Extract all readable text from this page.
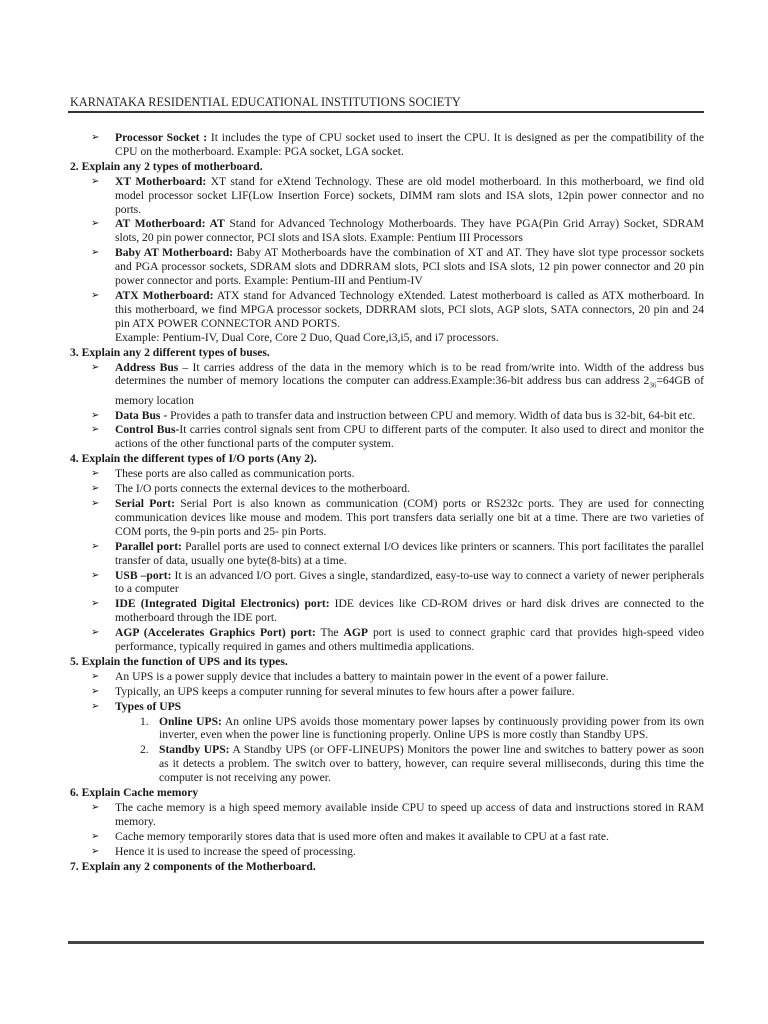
KARNATAKA RESIDENTIAL EDUCATIONAL INSTITUTIONS SOCIETY
➢ Processor Socket : It includes the type of CPU socket used to insert the CPU. It is designed as per the compatibility of the CPU on the motherboard. Example: PGA socket, LGA socket.
2. Explain any 2 types of motherboard.
➢ XT Motherboard: XT stand for eXtend Technology. These are old model motherboard. In this motherboard, we find old model processor socket LIF(Low Insertion Force) sockets, DIMM ram slots and ISA slots, 12pin power connector and no ports.
➢ AT Motherboard: AT Stand for Advanced Technology Motherboards. They have PGA(Pin Grid Array) Socket, SDRAM slots, 20 pin power connector, PCI slots and ISA slots. Example: Pentium III Processors
➢ Baby AT Motherboard: Baby AT Motherboards have the combination of XT and AT. They have slot type processor sockets and PGA processor sockets, SDRAM slots and DDRRAM slots, PCI slots and ISA slots, 12 pin power connector and 20 pin power connector and ports. Example: Pentium-III and Pentium-IV
➢ ATX Motherboard: ATX stand for Advanced Technology eXtended. Latest motherboard is called as ATX motherboard. In this motherboard, we find MPGA processor sockets, DDRRAM slots, PCI slots, AGP slots, SATA connectors, 20 pin and 24 pin ATX POWER CONNECTOR AND PORTS.
Example: Pentium-IV, Dual Core, Core 2 Duo, Quad Core,i3,i5, and i7 processors.
3. Explain any 2 different types of buses.
➢ Address Bus – It carries address of the data in the memory which is to be read from/write into. Width of the address bus determines the number of memory locations the computer can address.Example:36-bit address bus can address $2_{36}=64GB$ of memory location
➢ Data Bus - Provides a path to transfer data and instruction between CPU and memory. Width of data bus is 32-bit, 64-bit etc.
➢ Control Bus-It carries control signals sent from CPU to different parts of the computer. It also used to direct and monitor the actions of the other functional parts of the computer system.
4. Explain the different types of I/O ports (Any 2).
➢ These ports are also called as communication ports.
➢ The I/O ports connects the external devices to the motherboard.
➢ Serial Port: Serial Port is also known as communication (COM) ports or RS232c ports. They are used for connecting communication devices like mouse and modem. This port transfers data serially one bit at a time. There are two varieties of COM ports, the 9-pin ports and 25- pin Ports.
➢ Parallel port: Parallel ports are used to connect external I/O devices like printers or scanners. This port facilitates the parallel transfer of data, usually one byte(8-bits) at a time.
➢ USB –port: It is an advanced I/O port. Gives a single, standardized, easy-to-use way to connect a variety of newer peripherals to a computer
➢ IDE (Integrated Digital Electronics) port: IDE devices like CD-ROM drives or hard disk drives are connected to the motherboard through the IDE port.
➢ AGP (Accelerates Graphics Port) port: The AGP port is used to connect graphic card that provides high-speed video performance, typically required in games and others multimedia applications.
5. Explain the function of UPS and its types.
➢ An UPS is a power supply device that includes a battery to maintain power in the event of a power failure.
➢ Typically, an UPS keeps a computer running for several minutes to few hours after a power failure.
➢ Types of UPS
1. Online UPS: An online UPS avoids those momentary power lapses by continuously providing power from its own inverter, even when the power line is functioning properly. Online UPS is more costly than Standby UPS.
2. Standby UPS: A Standby UPS (or OFF-LINEUPS) Monitors the power line and switches to battery power as soon as it detects a problem. The switch over to battery, however, can require several milliseconds, during this time the computer is not receiving any power.
6. Explain Cache memory
➢ The cache memory is a high speed memory available inside CPU to speed up access of data and instructions stored in RAM memory.
➢ Cache memory temporarily stores data that is used more often and makes it available to CPU at a fast rate.
➢ Hence it is used to increase the speed of processing.
7. Explain any 2 components of the Motherboard.
